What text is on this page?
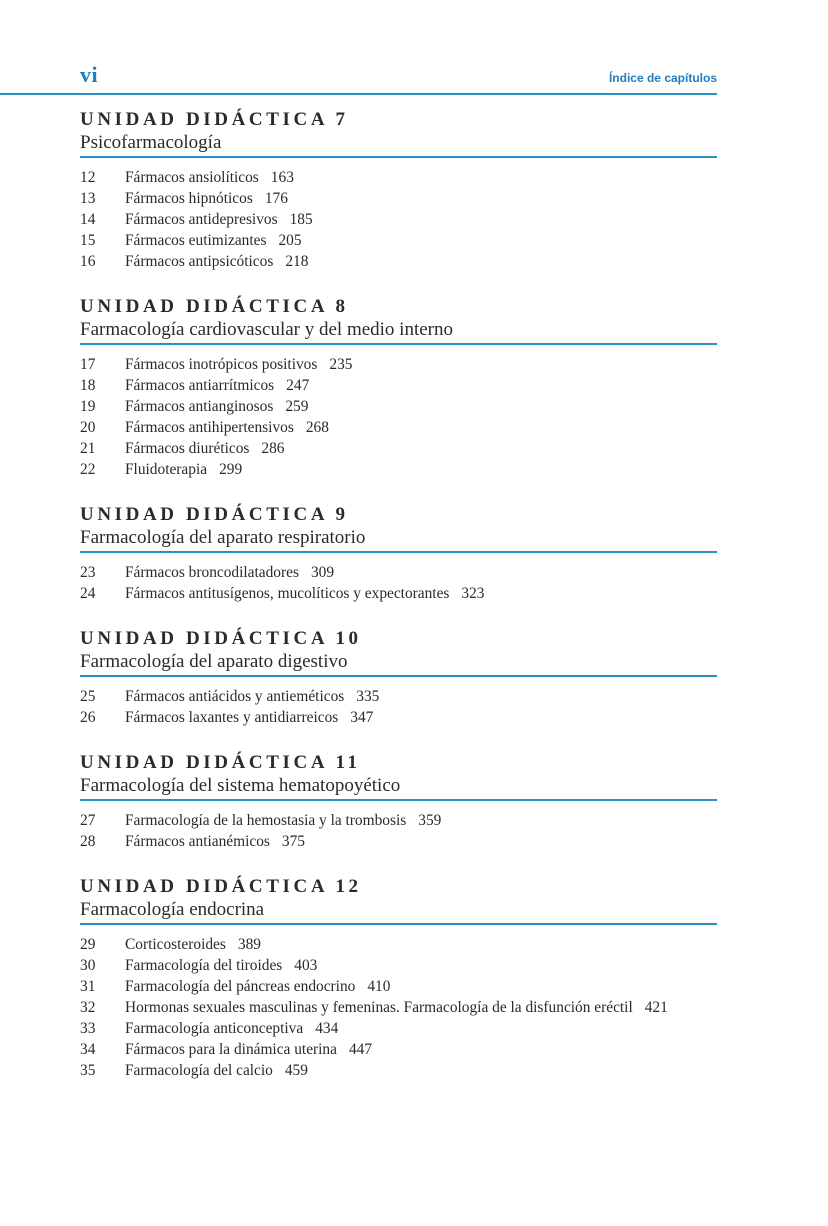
vi	Índice de capítulos
UNIDAD DIDÁCTICA 7
Psicofarmacología
12	Fármacos ansiolíticos 163
13	Fármacos hipnóticos 176
14	Fármacos antidepresivos 185
15	Fármacos eutimizantes 205
16	Fármacos antipsicóticos 218
UNIDAD DIDÁCTICA 8
Farmacología cardiovascular y del medio interno
17	Fármacos inotrópicos positivos 235
18	Fármacos antiarrítmicos 247
19	Fármacos antianginosos 259
20	Fármacos antihipertensivos 268
21	Fármacos diuréticos 286
22	Fluidoterapia 299
UNIDAD DIDÁCTICA 9
Farmacología del aparato respiratorio
23	Fármacos broncodilatadores 309
24	Fármacos antitusígenos, mucolíticos y expectorantes 323
UNIDAD DIDÁCTICA 10
Farmacología del aparato digestivo
25	Fármacos antiácidos y antieméticos 335
26	Fármacos laxantes y antidiarreicos 347
UNIDAD DIDÁCTICA 11
Farmacología del sistema hematopoyético
27	Farmacología de la hemostasia y la trombosis 359
28	Fármacos antianémicos 375
UNIDAD DIDÁCTICA 12
Farmacología endocrina
29	Corticosteroides 389
30	Farmacología del tiroides 403
31	Farmacología del páncreas endocrino 410
32	Hormonas sexuales masculinas y femeninas. Farmacología de la disfunción eréctil 421
33	Farmacología anticonceptiva 434
34	Fármacos para la dinámica uterina 447
35	Farmacología del calcio 459
